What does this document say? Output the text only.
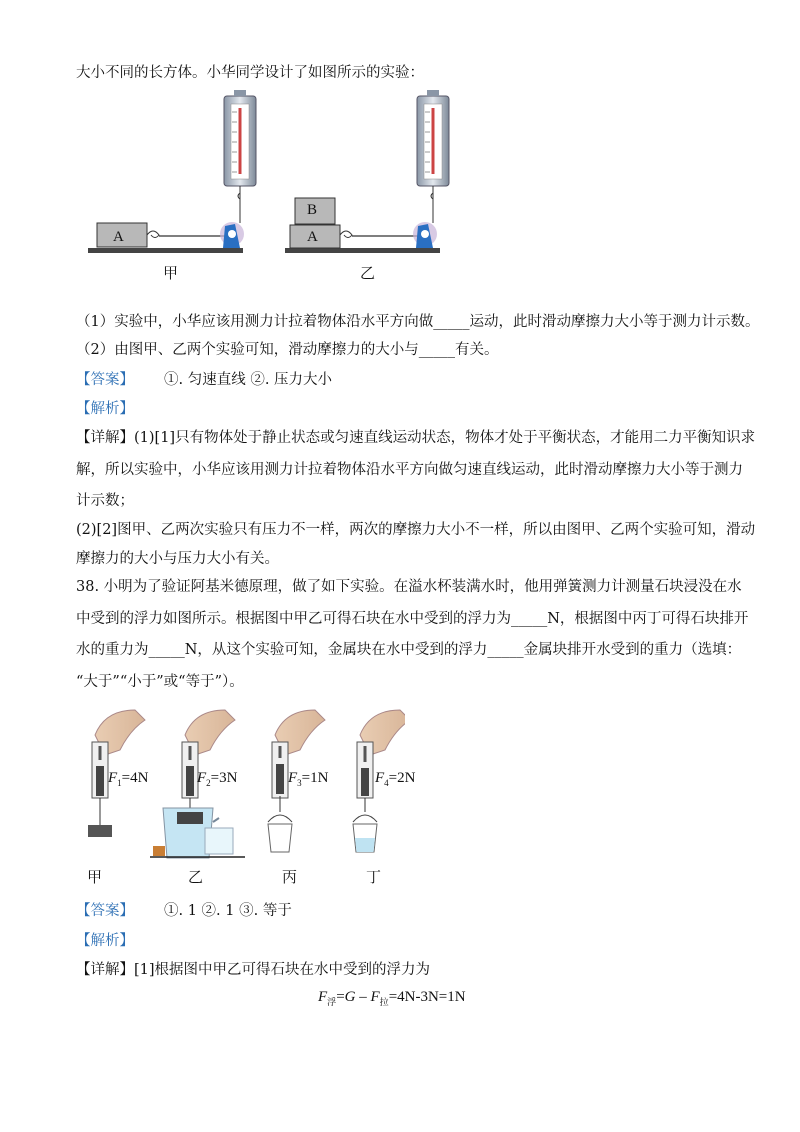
大小不同的长方体。小华同学设计了如图所示的实验：
A
B
A
甲	乙
（1）实验中，小华应该用测力计拉着物体沿水平方向做_____运动，此时滑动摩擦力大小等于测力计示数。
（2）由图甲、乙两个实验可知，滑动摩擦力的大小与_____有关。
【答案】 ①. 匀速直线 ②. 压力大小
【解析】
【详解】(1)[1]只有物体处于静止状态或匀速直线运动状态，物体才处于平衡状态，才能用二力平衡知识求
解，所以实验中，小华应该用测力计拉着物体沿水平方向做匀速直线运动，此时滑动摩擦力大小等于测力
计示数；
(2)[2]图甲、乙两次实验只有压力不一样，两次的摩擦力大小不一样，所以由图甲、乙两个实验可知，滑动
摩擦力的大小与压力大小有关。
38. 小明为了验证阿基米德原理，做了如下实验。在溢水杯装满水时，他用弹簧测力计测量石块浸没在水
中受到的浮力如图所示。根据图中甲乙可得石块在水中受到的浮力为_____N，根据图中丙丁可得石块排开
水的重力为_____N，从这个实验可知，金属块在水中受到的浮力_____金属块排开水受到的重力（选填：
“大于”“小于”或“等于”）。
$F_1=4N$	$F_2=3N$	$F_3=1N$	$F_4=2N$
甲	乙	丙	丁
【答案】 ①. 1 ②. 1 ③. 等于
【解析】
【详解】[1]根据图中甲乙可得石块在水中受到的浮力为
$F_浮=G - F_拉=4N-3N=1N$
